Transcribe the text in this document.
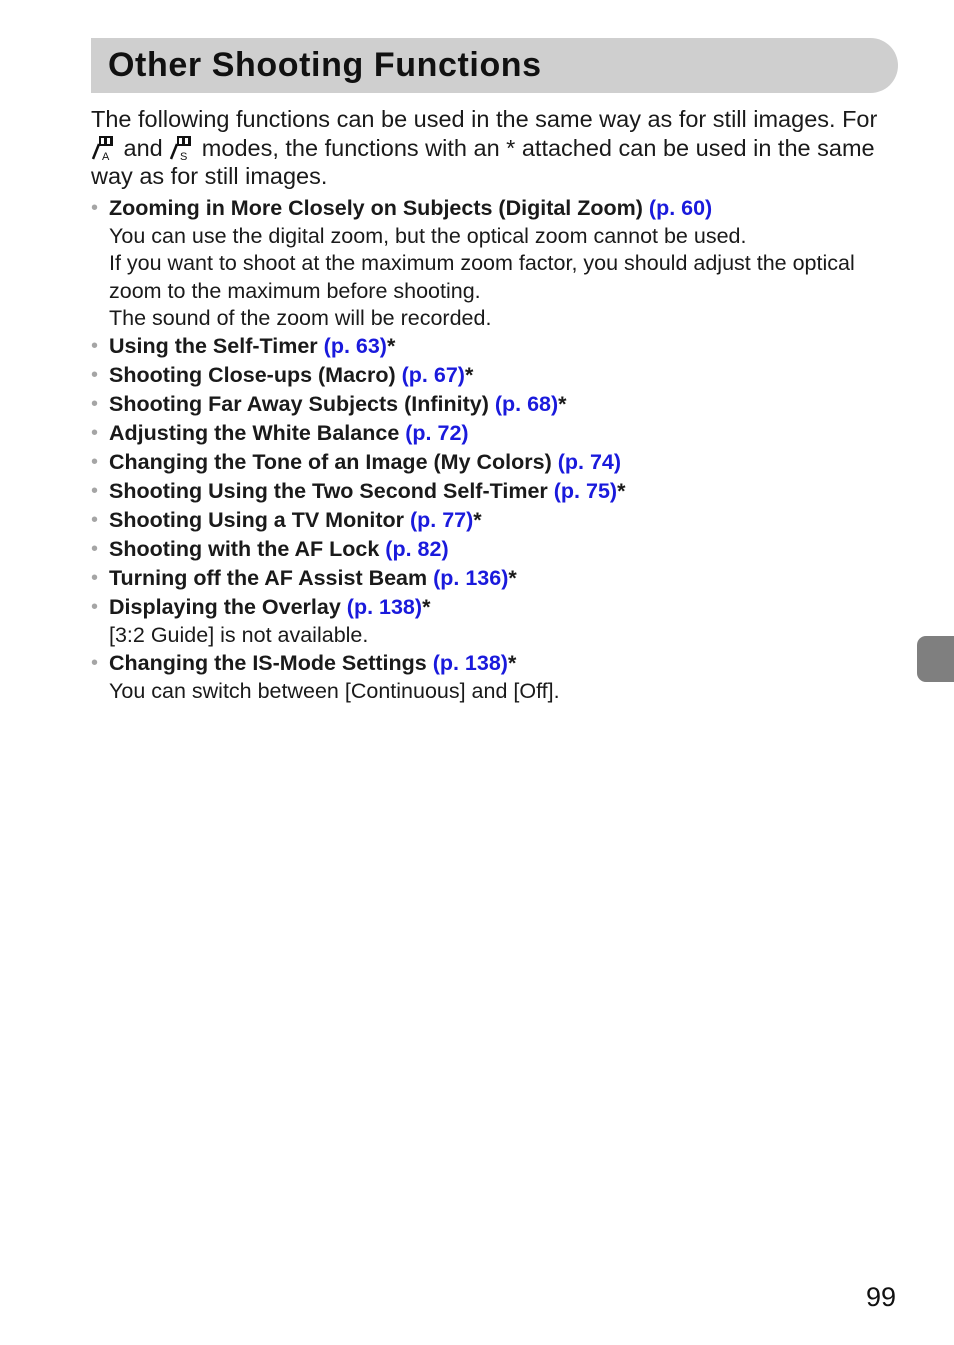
Other Shooting Functions

The following functions can be used in the same way as for still images. For
A and S modes, the functions with an * attached can be used in the same way as for still images.

• Zooming in More Closely on Subjects (Digital Zoom) (p. 60)
You can use the digital zoom, but the optical zoom cannot be used.
If you want to shoot at the maximum zoom factor, you should adjust the optical zoom to the maximum before shooting.
The sound of the zoom will be recorded.
• Using the Self-Timer (p. 63)*
• Shooting Close-ups (Macro) (p. 67)*
• Shooting Far Away Subjects (Infinity) (p. 68)*
• Adjusting the White Balance (p. 72)
• Changing the Tone of an Image (My Colors) (p. 74)
• Shooting Using the Two Second Self-Timer (p. 75)*
• Shooting Using a TV Monitor (p. 77)*
• Shooting with the AF Lock (p. 82)
• Turning off the AF Assist Beam (p. 136)*
• Displaying the Overlay (p. 138)*
[3:2 Guide] is not available.
• Changing the IS-Mode Settings (p. 138)*
You can switch between [Continuous] and [Off].
99
